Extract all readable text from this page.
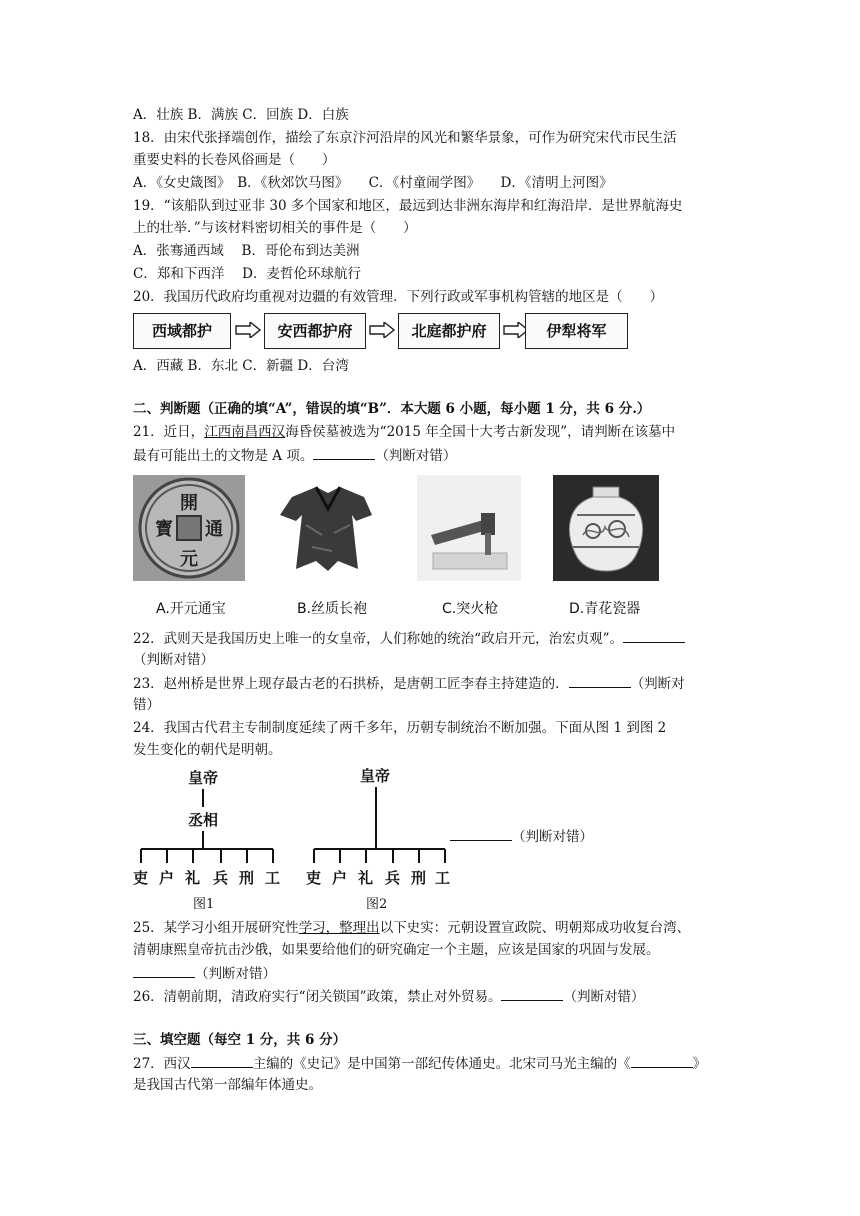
A．壮族 B．满族 C．回族 D．白族
18．由宋代张择端创作，描绘了东京汴河沿岸的风光和繁华景象，可作为研究宋代市民生活
重要史料的长卷风俗画是（　　）
A．《女史箴图》　B．《秋郊饮马图》　　C．《村童闹学图》　　D．《清明上河图》
19．“该船队到过亚非 30 多个国家和地区，最远到达非洲东海岸和红海沿岸．是世界航海史
上的壮举．”与该材料密切相关的事件是（　　）
A．张骞通西域　 B．哥伦布到达美洲
C．郑和下西洋　 D．麦哲伦环球航行
20．我国历代政府均重视对边疆的有效管理．下列行政或军事机构管辖的地区是（　　）
西域都护	安西都护府	北庭都护府	伊犁将军
A．西藏 B．东北 C．新疆 D．台湾
二、判断题（正确的填“A”，错误的填“B”．本大题 6 小题，每小题 1 分，共 6 分.）
21．近日，江西南昌西汉海昏侯墓被选为“2015 年全国十大考古新发现”，请判断在该墓中
最有可能出土的文物是 A 项。	（判断对错）
開
通
寳
元
A.开元通宝	B.丝质长袍	C.突火枪	D.青花瓷器
22．武则天是我国历史上唯一的女皇帝，人们称她的统治“政启开元，治宏贞观”。
（判断对错）
23．赵州桥是世界上现存最古老的石拱桥，是唐朝工匠李春主持建造的．	（判断对
错）
24．我国古代君主专制制度延续了两千多年，历朝专制统治不断加强。下面从图 1 到图 2
发生变化的朝代是明朝。
皇帝
丞相
吏 户 礼 兵 刑 工
图1
皇帝
吏 户 礼 兵 刑 工
图2
（判断对错）
25．某学习小组开展研究性学习，整理出以下史实：元朝设置宣政院、明朝郑成功收复台湾、
清朝康熙皇帝抗击沙俄，如果要给他们的研究确定一个主题，应该是国家的巩固与发展。
（判断对错）
26．清朝前期，清政府实行“闭关锁国”政策，禁止对外贸易。	（判断对错）
三、填空题（每空 1 分，共 6 分）
27．西汉	主编的《史记》是中国第一部纪传体通史。北宋司马光主编的《	》
是我国古代第一部编年体通史。
